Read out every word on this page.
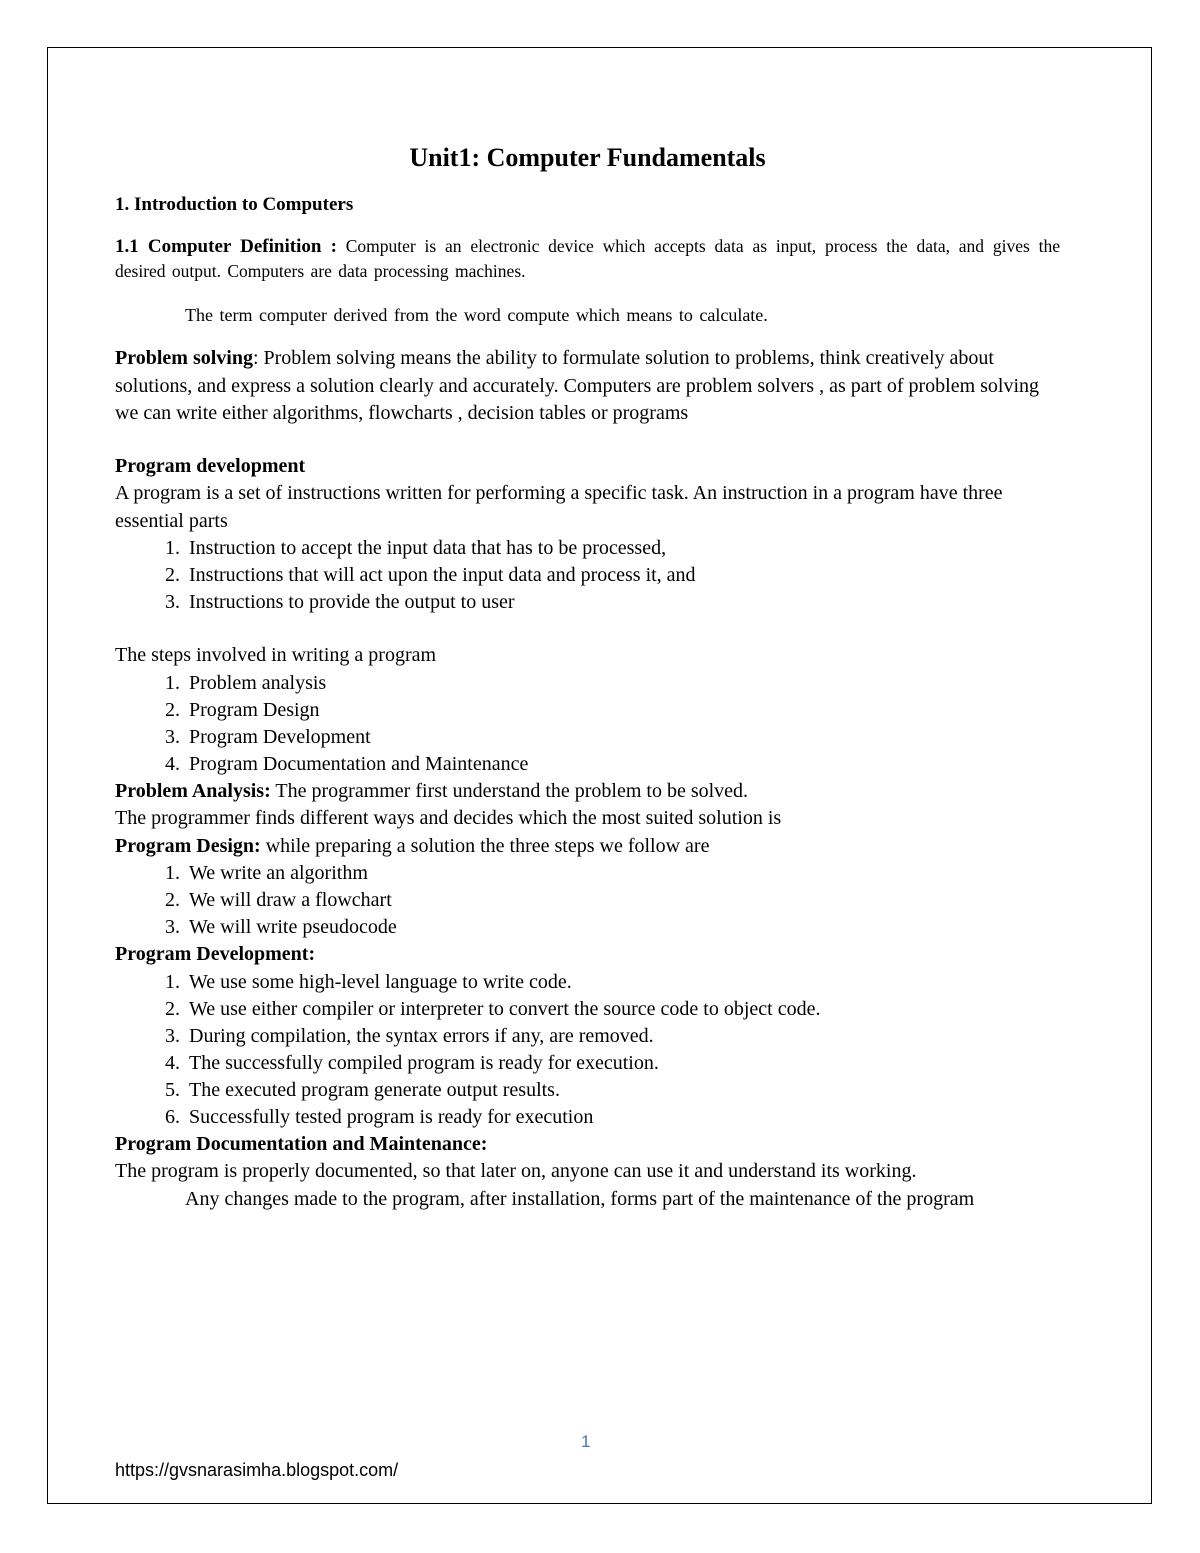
Unit1: Computer Fundamentals

1. Introduction to Computers

1.1 Computer Definition : Computer is an electronic device which accepts data as input, process the data, and gives the desired output. Computers are data processing machines.

The term computer derived from the word compute which means to calculate.

Problem solving: Problem solving means the ability to formulate solution to problems, think creatively about solutions, and express a solution clearly and accurately. Computers are problem solvers , as part of problem solving we can write either algorithms, flowcharts , decision tables or programs

Program development

A program is a set of instructions written for performing a specific task. An instruction in a program have three essential parts

1. Instruction to accept the input data that has to be processed,
2. Instructions that will act upon the input data and process it, and
3. Instructions to provide the output to user

The steps involved in writing a program

1. Problem analysis
2. Program Design
3. Program Development
4. Program Documentation and Maintenance

Problem Analysis: The programmer first understand the problem to be solved.

The programmer finds different ways and decides which the most suited solution is

Program Design: while preparing a solution the three steps we follow are

1. We write an algorithm
2. We will draw a flowchart
3. We will write pseudocode

Program Development:

1. We use some high-level language to write code.
2. We use either compiler or interpreter to convert the source code to object code.
3. During compilation, the syntax errors if any, are removed.
4. The successfully compiled program is ready for execution.
5. The executed program generate output results.
6. Successfully tested program is ready for execution

Program Documentation and Maintenance:

The program is properly documented, so that later on, anyone can use it and understand its working.

Any changes made to the program, after installation, forms part of the maintenance of the program

1
https://gvsnarasimha.blogspot.com/
